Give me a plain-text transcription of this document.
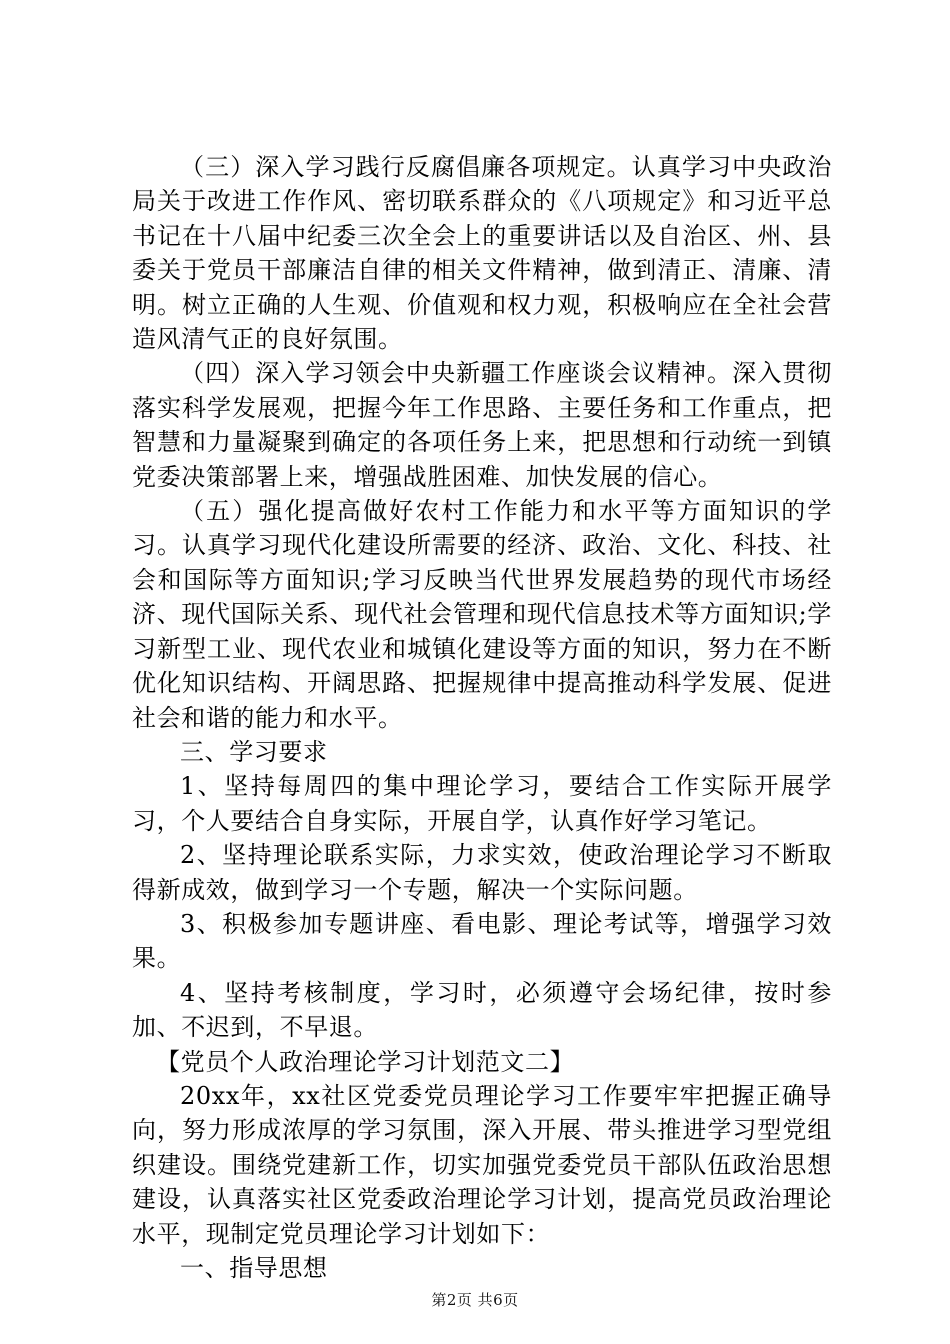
（三）深入学习践行反腐倡廉各项规定。认真学习中央政治局关于改进工作作风、密切联系群众的《八项规定》和习近平总书记在十八届中纪委三次全会上的重要讲话以及自治区、州、县委关于党员干部廉洁自律的相关文件精神，做到清正、清廉、清明。树立正确的人生观、价值观和权力观，积极响应在全社会营造风清气正的良好氛围。

（四）深入学习领会中央新疆工作座谈会议精神。深入贯彻落实科学发展观，把握今年工作思路、主要任务和工作重点，把智慧和力量凝聚到确定的各项任务上来，把思想和行动统一到镇党委决策部署上来，增强战胜困难、加快发展的信心。

（五）强化提高做好农村工作能力和水平等方面知识的学习。认真学习现代化建设所需要的经济、政治、文化、科技、社会和国际等方面知识;学习反映当代世界发展趋势的现代市场经济、现代国际关系、现代社会管理和现代信息技术等方面知识;学习新型工业、现代农业和城镇化建设等方面的知识，努力在不断优化知识结构、开阔思路、把握规律中提高推动科学发展、促进社会和谐的能力和水平。

三、学习要求

1、坚持每周四的集中理论学习，要结合工作实际开展学习，个人要结合自身实际，开展自学，认真作好学习笔记。

2、坚持理论联系实际，力求实效，使政治理论学习不断取得新成效，做到学习一个专题，解决一个实际问题。

3、积极参加专题讲座、看电影、理论考试等，增强学习效果。

4、坚持考核制度，学习时，必须遵守会场纪律，按时参加、不迟到，不早退。

【党员个人政治理论学习计划范文二】

20xx年，xx社区党委党员理论学习工作要牢牢把握正确导向，努力形成浓厚的学习氛围，深入开展、带头推进学习型党组织建设。围绕党建新工作，切实加强党委党员干部队伍政治思想建设，认真落实社区党委政治理论学习计划，提高党员政治理论水平，现制定党员理论学习计划如下：

一、指导思想

第2页 共6页
